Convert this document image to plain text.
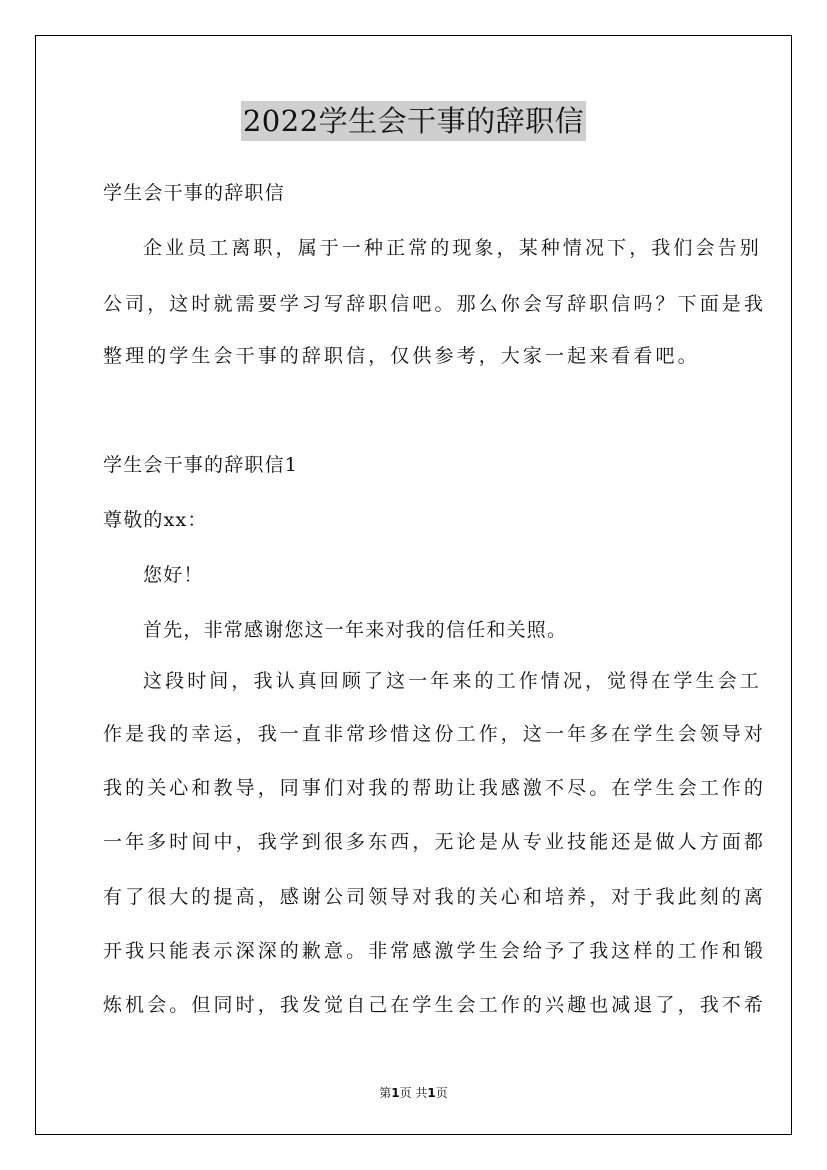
2022学生会干事的辞职信
学生会干事的辞职信
企业员工离职，属于一种正常的现象，某种情况下，我们会告别
公司，这时就需要学习写辞职信吧。那么你会写辞职信吗？下面是我
整理的学生会干事的辞职信，仅供参考，大家一起来看看吧。
学生会干事的辞职信1
尊敬的xx：
您好！
首先，非常感谢您这一年来对我的信任和关照。
这段时间，我认真回顾了这一年来的工作情况，觉得在学生会工
作是我的幸运，我一直非常珍惜这份工作，这一年多在学生会领导对
我的关心和教导，同事们对我的帮助让我感激不尽。在学生会工作的
一年多时间中，我学到很多东西，无论是从专业技能还是做人方面都
有了很大的提高，感谢公司领导对我的关心和培养，对于我此刻的离
开我只能表示深深的歉意。非常感激学生会给予了我这样的工作和锻
炼机会。但同时，我发觉自己在学生会工作的兴趣也减退了，我不希
第1页 共1页
